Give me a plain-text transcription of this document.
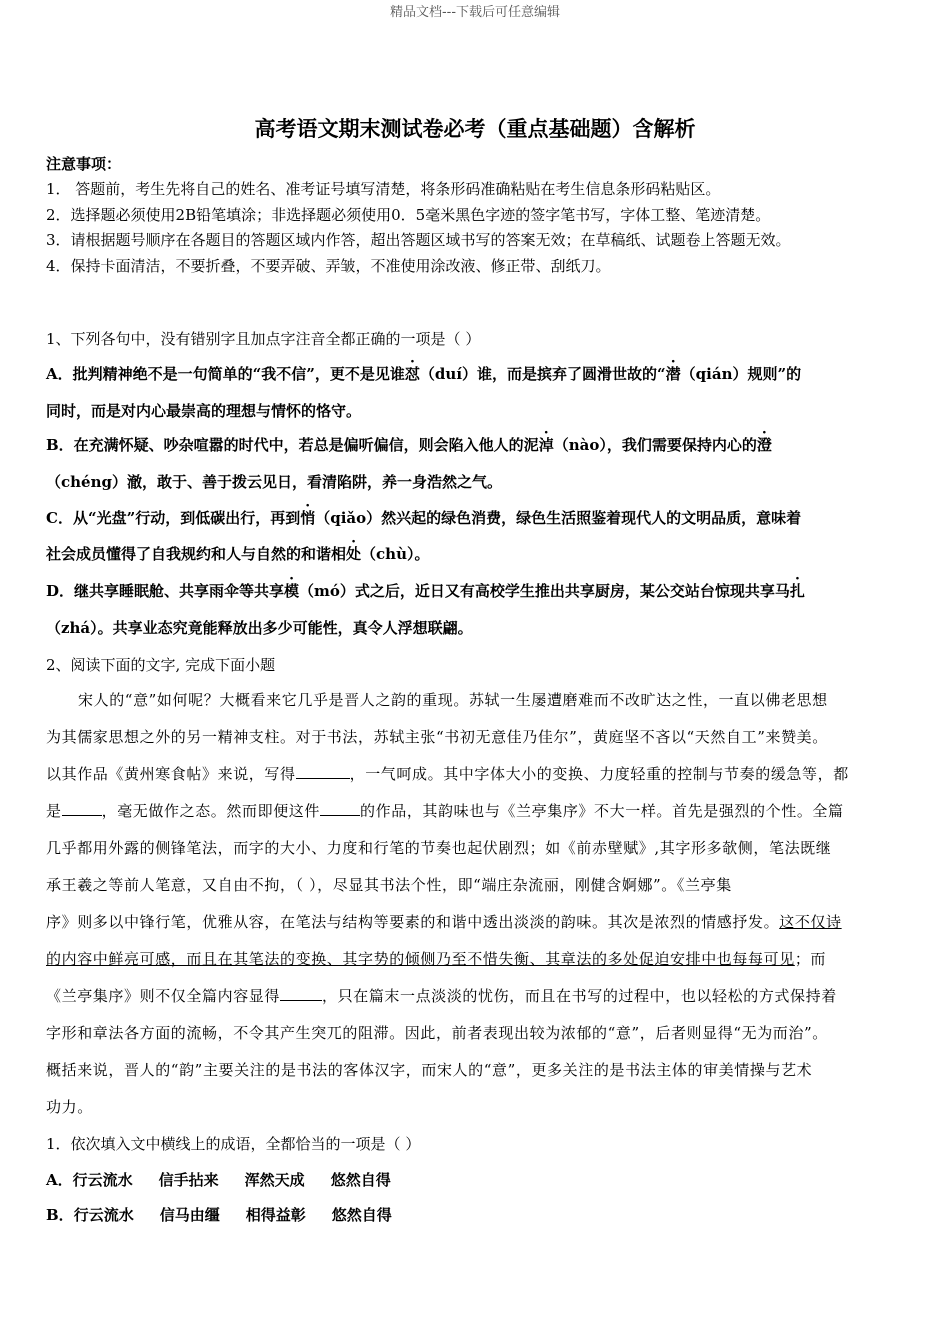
精品文档---下载后可任意编辑
高考语文期末测试卷必考（重点基础题）含解析
注意事项：
1． 答题前，考生先将自己的姓名、准考证号填写清楚，将条形码准确粘贴在考生信息条形码粘贴区。
2．选择题必须使用2B铅笔填涂；非选择题必须使用0．5毫米黑色字迹的签字笔书写，字体工整、笔迹清楚。
3．请根据题号顺序在各题目的答题区域内作答，超出答题区域书写的答案无效；在草稿纸、试题卷上答题无效。
4．保持卡面清洁，不要折叠，不要弄破、弄皱，不准使用涂改液、修正带、刮纸刀。
1、下列各句中，没有错别字且加点字注音全都正确的一项是（ ）
A．批判精神绝不是一句简单的“我不信”，更不是见谁怼（duí）谁，而是摈弃了圆滑世故的“潜（qián）规则”的
同时，而是对内心最崇高的理想与情怀的恪守。
B．在充满怀疑、吵杂喧嚣的时代中，若总是偏听偏信，则会陷入他人的泥淖（nào），我们需要保持内心的澄
（chéng）澈，敢于、善于拨云见日，看清陷阱，养一身浩然之气。
C．从“光盘”行动，到低碳出行，再到悄（qiǎo）然兴起的绿色消费，绿色生活照鉴着现代人的文明品质，意味着
社会成员懂得了自我规约和人与自然的和谐相处（chù）。
D．继共享睡眠舱、共享雨伞等共享模（mó）式之后，近日又有高校学生推出共享厨房，某公交站台惊现共享马扎
（zhá）。共享业态究竟能释放出多少可能性，真令人浮想联翩。
2、阅读下面的文字, 完成下面小题
宋人的“意”如何呢？大概看来它几乎是晋人之韵的重现。苏轼一生屡遭磨难而不改旷达之性，一直以佛老思想
为其儒家思想之外的另一精神支柱。对于书法，苏轼主张“书初无意佳乃佳尔”，黄庭坚不吝以“天然自工”来赞美。
以其作品《黄州寒食帖》来说，写得	，一气呵成。其中字体大小的变换、力度轻重的控制与节奏的缓急等，都
是	，毫无做作之态。然而即便这件	的作品，其韵味也与《兰亭集序》不大一样。首先是强烈的个性。全篇
几乎都用外露的侧锋笔法，而字的大小、力度和行笔的节奏也起伏剧烈；如《前赤壁赋》,其字形多欹侧，笔法既继
承王羲之等前人笔意，又自由不拘，（ ），尽显其书法个性，即“端庄杂流丽，刚健含婀娜”。《兰亭集
序》则多以中锋行笔，优雅从容，在笔法与结构等要素的和谐中透出淡淡的韵味。其次是浓烈的情感抒发。这不仅诗
的内容中鲜亮可感，而且在其笔法的变换、其字势的倾侧乃至不惜失衡、其章法的多处促迫安排中也每每可见；而
《兰亭集序》则不仅全篇内容显得	，只在篇末一点淡淡的忧伤，而且在书写的过程中，也以轻松的方式保持着
字形和章法各方面的流畅，不令其产生突兀的阻滞。因此，前者表现出较为浓郁的“意”，后者则显得“无为而治”。
概括来说，晋人的“韵”主要关注的是书法的客体汉字，而宋人的“意”，更多关注的是书法主体的审美情操与艺术
功力。
1．依次填入文中横线上的成语，全都恰当的一项是（ ）
A．行云流水 信手拈来 浑然天成 悠然自得
B．行云流水 信马由缰 相得益彰 悠然自得
